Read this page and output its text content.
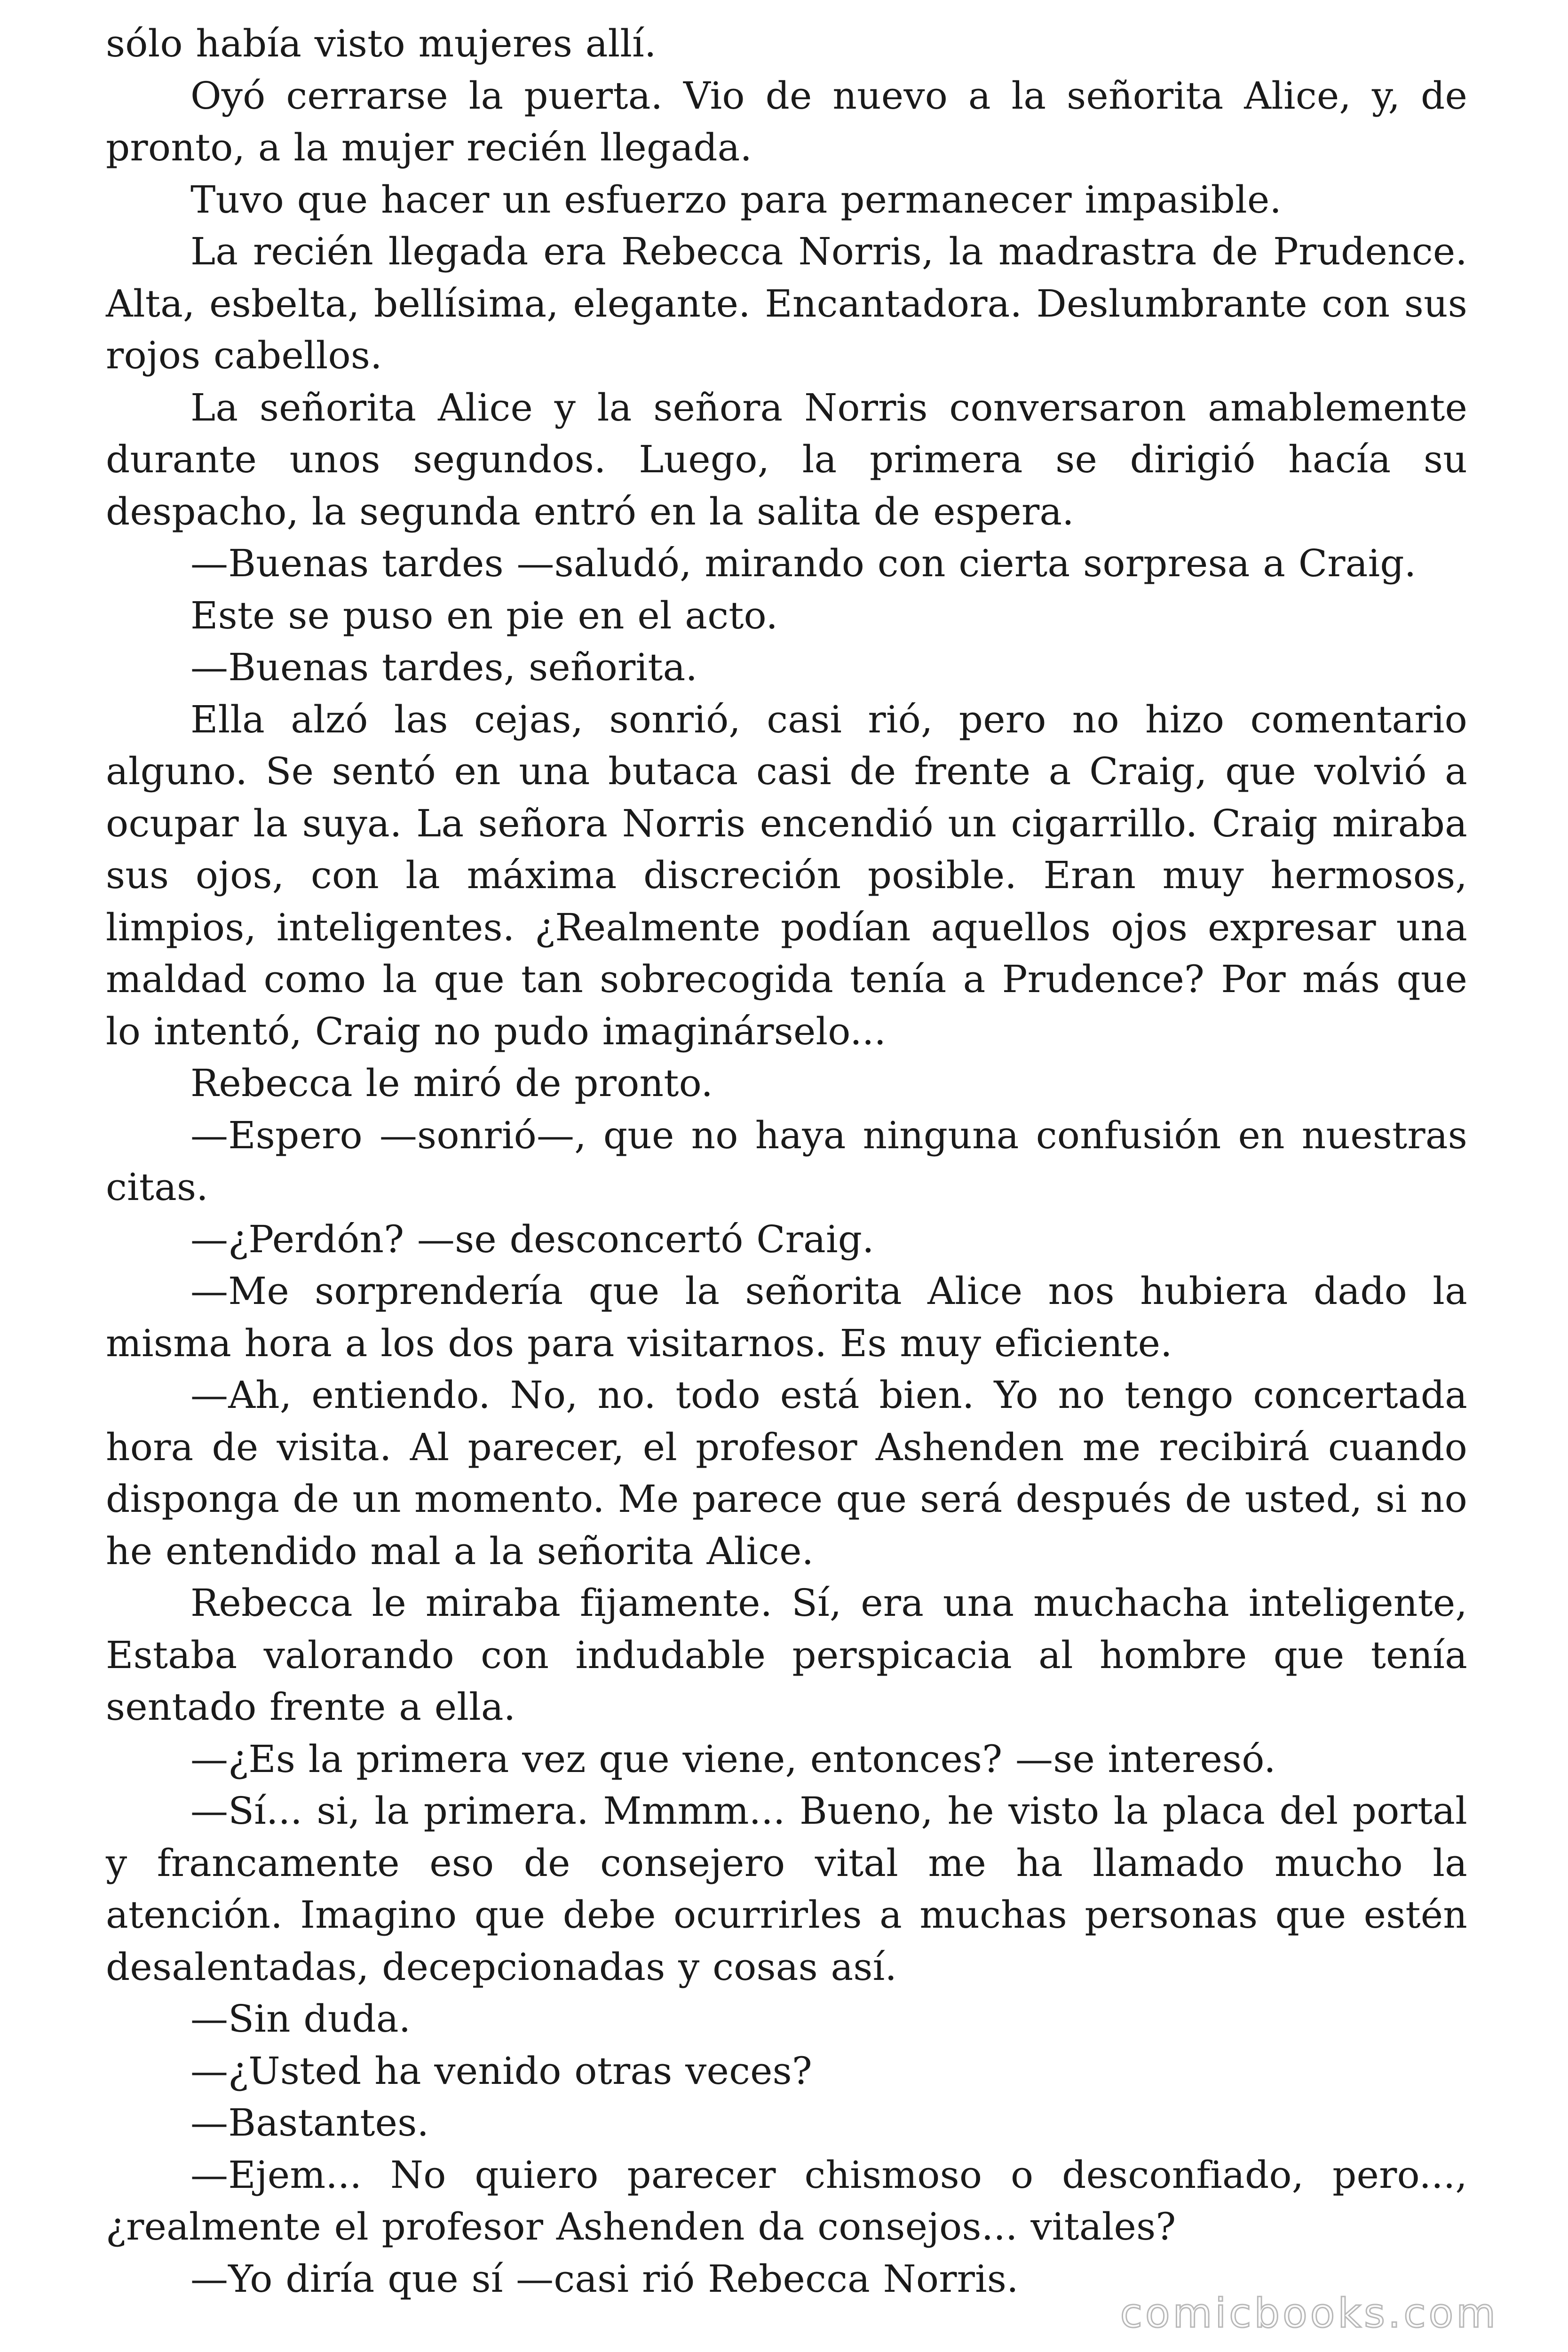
sólo había visto mujeres allí.

Oyó cerrarse la puerta. Vio de nuevo a la señorita Alice, y, de pronto, a la mujer recién llegada.

Tuvo que hacer un esfuerzo para permanecer impasible.

La recién llegada era Rebecca Norris, la madrastra de Prudence. Alta, esbelta, bellísima, elegante. Encantadora. Deslumbrante con sus rojos cabellos.

La señorita Alice y la señora Norris conversaron amablemente durante unos segundos. Luego, la primera se dirigió hacía su despacho, la segunda entró en la salita de espera.

—Buenas tardes —saludó, mirando con cierta sorpresa a Craig.

Este se puso en pie en el acto.

—Buenas tardes, señorita.

Ella alzó las cejas, sonrió, casi rió, pero no hizo comentario alguno. Se sentó en una butaca casi de frente a Craig, que volvió a ocupar la suya. La señora Norris encendió un cigarrillo. Craig miraba sus ojos, con la máxima discreción posible. Eran muy hermosos, limpios, inteligentes. ¿Realmente podían aquellos ojos expresar una maldad como la que tan sobrecogida tenía a Prudence? Por más que lo intentó, Craig no pudo imaginárselo...

Rebecca le miró de pronto.

—Espero —sonrió—, que no haya ninguna confusión en nuestras citas.

—¿Perdón? —se desconcertó Craig.

—Me sorprendería que la señorita Alice nos hubiera dado la misma hora a los dos para visitarnos. Es muy eficiente.

—Ah, entiendo. No, no. todo está bien. Yo no tengo concertada hora de visita. Al parecer, el profesor Ashenden me recibirá cuando disponga de un momento. Me parece que será después de usted, si no he entendido mal a la señorita Alice.

Rebecca le miraba fijamente. Sí, era una muchacha inteligente, Estaba valorando con indudable perspicacia al hombre que tenía sentado frente a ella.

—¿Es la primera vez que viene, entonces? —se interesó.

—Sí... si, la primera. Mmmm... Bueno, he visto la placa del portal y francamente eso de consejero vital me ha llamado mucho la atención. Imagino que debe ocurrirles a muchas personas que estén desalentadas, decepcionadas y cosas así.

—Sin duda.

—¿Usted ha venido otras veces?

—Bastantes.

—Ejem... No quiero parecer chismoso o desconfiado, pero..., ¿realmente el profesor Ashenden da consejos... vitales?

—Yo diría que sí —casi rió Rebecca Norris.

comicbooks.com
